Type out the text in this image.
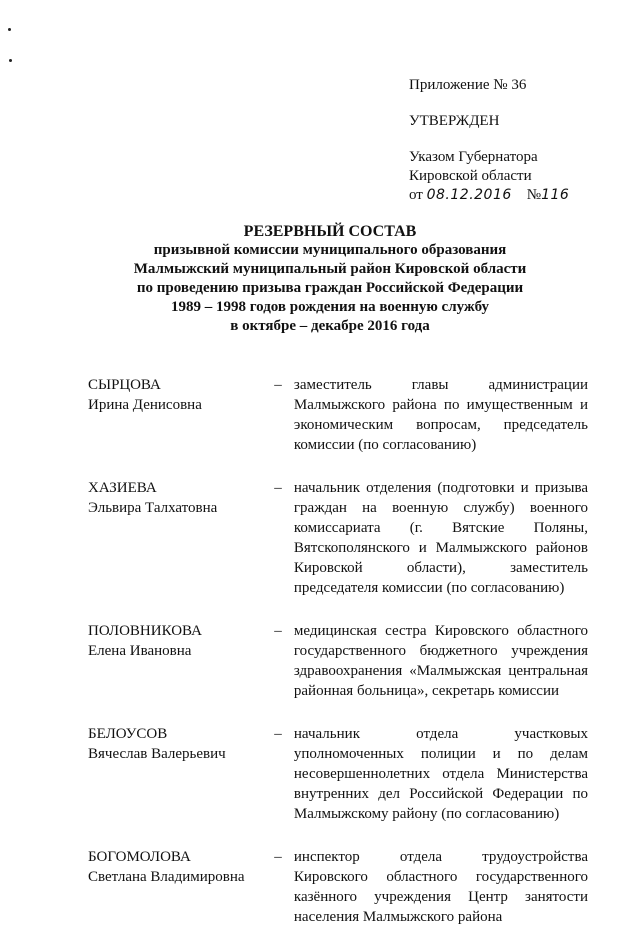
Приложение № 36
УТВЕРЖДЕН
Указом Губернатора
Кировской области
от 08.12.2016 №116
РЕЗЕРВНЫЙ СОСТАВ
призывной комиссии муниципального образования
Малмыжский муниципальный район Кировской области
по проведению призыва граждан Российской Федерации
1989 – 1998 годов рождения на военную службу
в октябре – декабре 2016 года
СЫРЦОВА
Ирина Денисовна
– заместитель главы администрации Малмыжского района по имущественным и экономическим вопросам, председатель комиссии (по согласованию)
ХАЗИЕВА
Эльвира Талхатовна
– начальник отделения (подготовки и призыва граждан на военную службу) военного комиссариата (г. Вятские Поляны, Вятскополянского и Малмыжского районов Кировской области), заместитель председателя комиссии (по согласованию)
ПОЛОВНИКОВА
Елена Ивановна
– медицинская сестра Кировского областного государственного бюджетного учреждения здравоохранения «Малмыжская центральная районная больница», секретарь комиссии
БЕЛОУСОВ
Вячеслав Валерьевич
– начальник отдела участковых уполномоченных полиции и по делам несовершеннолетних отдела Министерства внутренних дел Российской Федерации по Малмыжскому району (по согласованию)
БОГОМОЛОВА
Светлана Владимировна
– инспектор отдела трудоустройства Кировского областного государственного казённого учреждения Центр занятости населения Малмыжского района
